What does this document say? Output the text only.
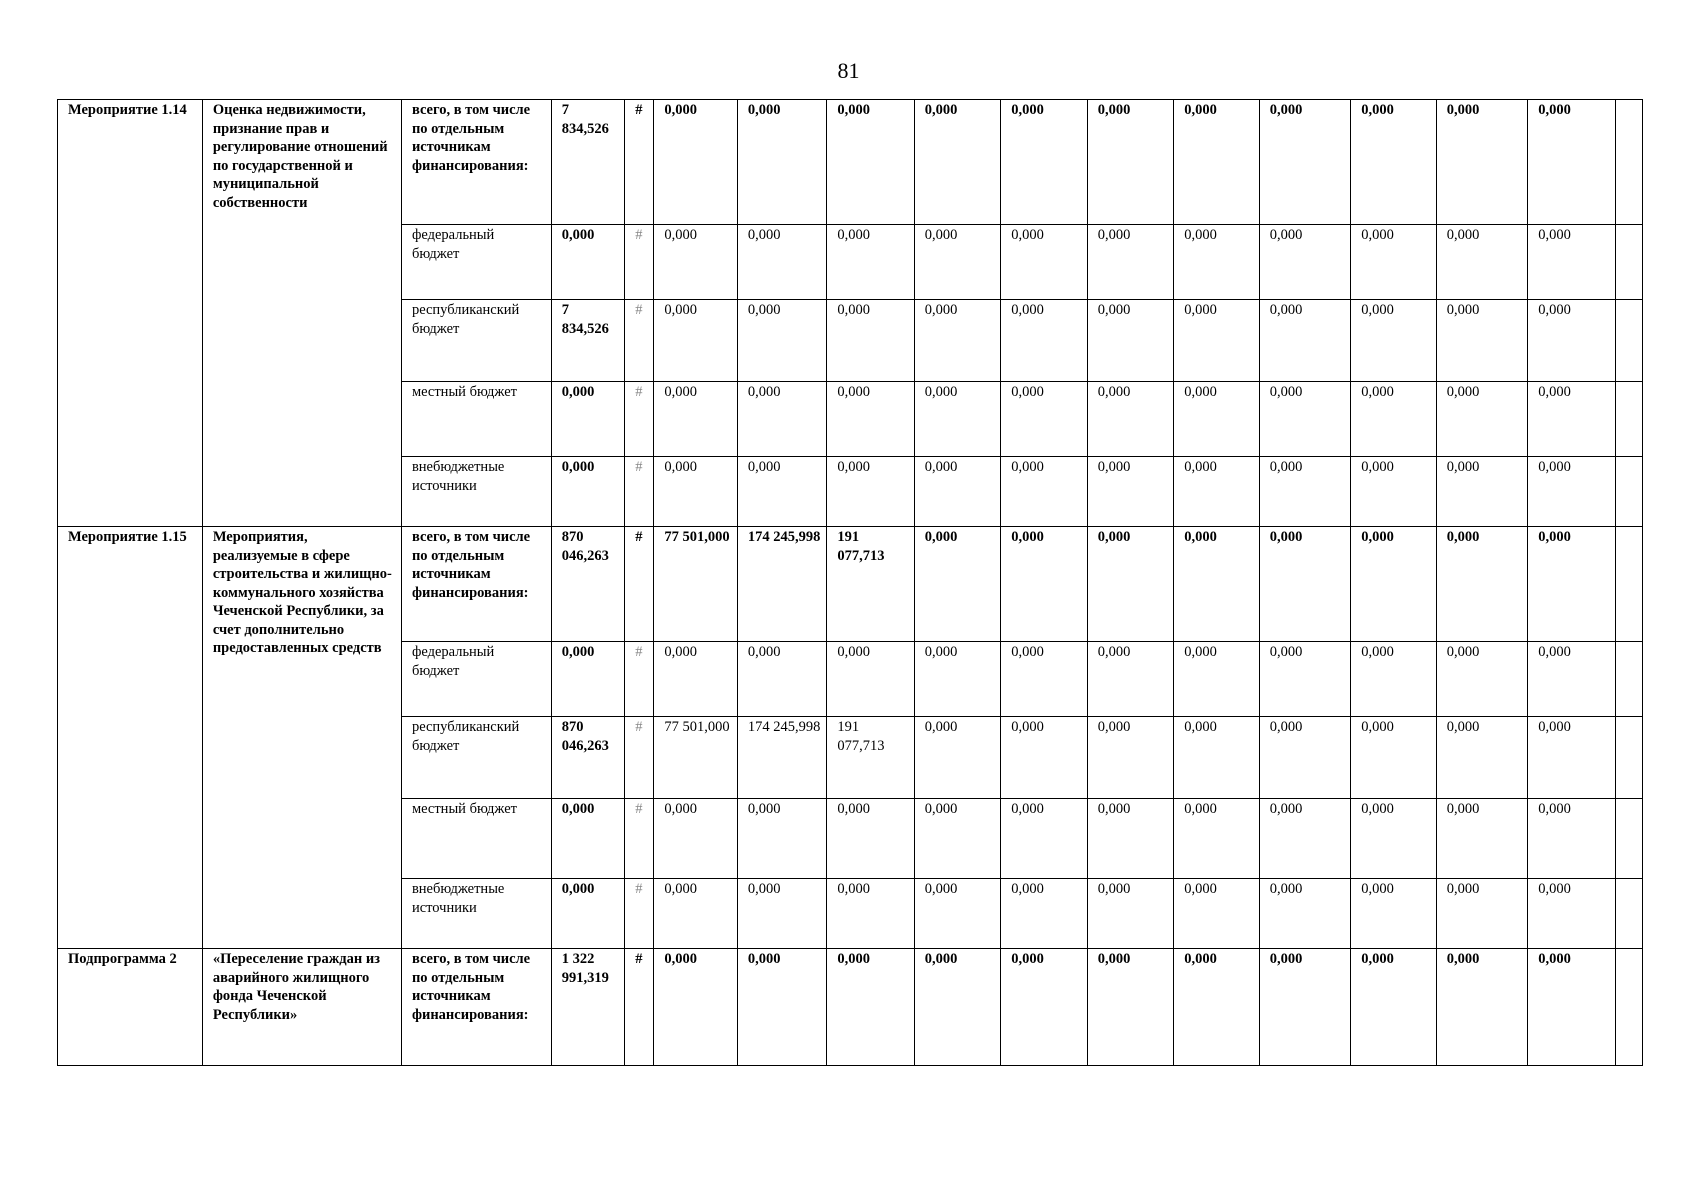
81
Мероприятие 1.14	Оценка недвижимости, признание прав и регулирование отношений по государственной и муниципальной собственности	всего, в том числе по отдельным источникам финансирования:	7 834,526	#	0,000	0,000	0,000	0,000	0,000	0,000	0,000	0,000	0,000	0,000	0,000	
		федеральный бюджет	0,000	#	0,000	0,000	0,000	0,000	0,000	0,000	0,000	0,000	0,000	0,000	0,000	
		республиканский бюджет	7 834,526	#	0,000	0,000	0,000	0,000	0,000	0,000	0,000	0,000	0,000	0,000	0,000	
		местный бюджет	0,000	#	0,000	0,000	0,000	0,000	0,000	0,000	0,000	0,000	0,000	0,000	0,000	
		внебюджетные источники	0,000	#	0,000	0,000	0,000	0,000	0,000	0,000	0,000	0,000	0,000	0,000	0,000	
Мероприятие 1.15	Мероприятия, реализуемые в сфере строительства и жилищно-коммунального хозяйства Чеченской Республики, за счет дополнительно предоставленных средств	всего, в том числе по отдельным источникам финансирования:	870 046,263	#	77 501,000	174 245,998	191 077,713	0,000	0,000	0,000	0,000	0,000	0,000	0,000	0,000	
		федеральный бюджет	0,000	#	0,000	0,000	0,000	0,000	0,000	0,000	0,000	0,000	0,000	0,000	0,000	
		республиканский бюджет	870 046,263	#	77 501,000	174 245,998	191 077,713	0,000	0,000	0,000	0,000	0,000	0,000	0,000	0,000	
		местный бюджет	0,000	#	0,000	0,000	0,000	0,000	0,000	0,000	0,000	0,000	0,000	0,000	0,000	
		внебюджетные источники	0,000	#	0,000	0,000	0,000	0,000	0,000	0,000	0,000	0,000	0,000	0,000	0,000	
Подпрограмма 2	«Переселение граждан из аварийного жилищного фонда Чеченской Республики»	всего, в том числе по отдельным источникам финансирования:	1 322 991,319	#	0,000	0,000	0,000	0,000	0,000	0,000	0,000	0,000	0,000	0,000	0,000	
